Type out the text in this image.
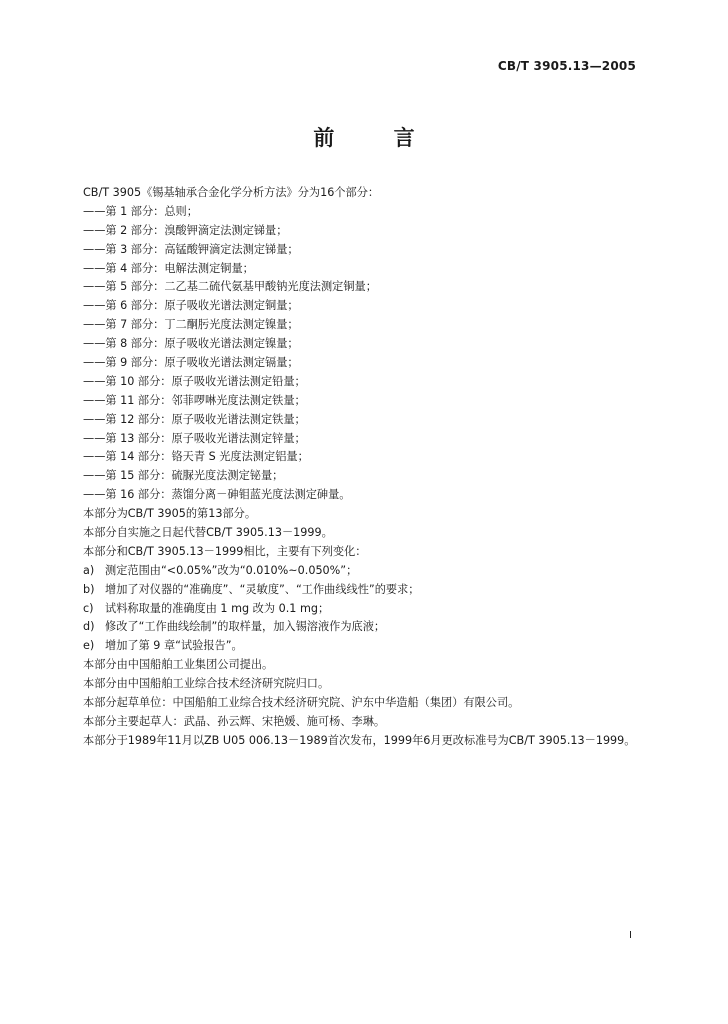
CB/T 3905.13—2005
前 言
CB/T 3905《锡基轴承合金化学分析方法》分为16个部分：
——第 1 部分：总则；
——第 2 部分：溴酸钾滴定法测定锑量；
——第 3 部分：高锰酸钾滴定法测定锑量；
——第 4 部分：电解法测定铜量；
——第 5 部分：二乙基二硫代氨基甲酸钠光度法测定铜量；
——第 6 部分：原子吸收光谱法测定铜量；
——第 7 部分：丁二酮肟光度法测定镍量；
——第 8 部分：原子吸收光谱法测定镍量；
——第 9 部分：原子吸收光谱法测定镉量；
——第 10 部分：原子吸收光谱法测定铅量；
——第 11 部分：邻菲啰啉光度法测定铁量；
——第 12 部分：原子吸收光谱法测定铁量；
——第 13 部分：原子吸收光谱法测定锌量；
——第 14 部分：铬天青 S 光度法测定铝量；
——第 15 部分：硫脲光度法测定铋量；
——第 16 部分：蒸馏分离－砷钼蓝光度法测定砷量。
本部分为CB/T 3905的第13部分。
本部分自实施之日起代替CB/T 3905.13－1999。
本部分和CB/T 3905.13－1999相比，主要有下列变化：
a) 测定范围由“<0.05%”改为“0.010%~0.050%”；
b) 增加了对仪器的“准确度”、“灵敏度”、“工作曲线线性”的要求；
c)	试料称取量的准确度由 1 mg 改为 0.1 mg；
d) 修改了“工作曲线绘制”的取样量，加入锡溶液作为底液；
e) 增加了第 9 章“试验报告”。
本部分由中国船舶工业集团公司提出。
本部分由中国船舶工业综合技术经济研究院归口。
本部分起草单位：中国船舶工业综合技术经济研究院、沪东中华造船（集团）有限公司。
本部分主要起草人：武晶、孙云辉、宋艳媛、施可杨、李琳。
本部分于1989年11月以ZB U05 006.13－1989首次发布，1999年6月更改标准号为CB/T 3905.13－1999。
I
